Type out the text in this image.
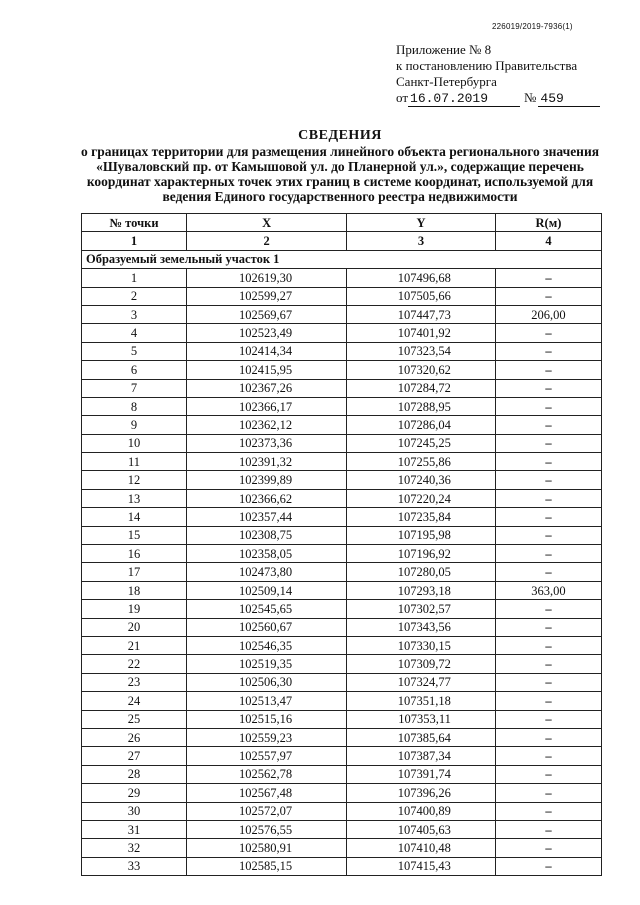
226019/2019-7936(1)
Приложение № 8
к постановлению Правительства
Санкт-Петербурга
от 16.07.2019	№ 459
СВЕДЕНИЯ
о границах территории для размещения линейного объекта регионального значения
«Шуваловский пр. от Камышовой ул. до Планерной ул.», содержащие перечень
координат характерных точек этих границ в системе координат, используемой для
ведения Единого государственного реестра недвижимости
№ точки	X	Y	R(м)
1	2	3	4
Образуемый земельный участок 1			
1	102619,30	107496,68	–
2	102599,27	107505,66	–
3	102569,67	107447,73	206,00
4	102523,49	107401,92	–
5	102414,34	107323,54	–
6	102415,95	107320,62	–
7	102367,26	107284,72	–
8	102366,17	107288,95	–
9	102362,12	107286,04	–
10	102373,36	107245,25	–
11	102391,32	107255,86	–
12	102399,89	107240,36	–
13	102366,62	107220,24	–
14	102357,44	107235,84	–
15	102308,75	107195,98	–
16	102358,05	107196,92	–
17	102473,80	107280,05	–
18	102509,14	107293,18	363,00
19	102545,65	107302,57	–
20	102560,67	107343,56	–
21	102546,35	107330,15	–
22	102519,35	107309,72	–
23	102506,30	107324,77	–
24	102513,47	107351,18	–
25	102515,16	107353,11	–
26	102559,23	107385,64	–
27	102557,97	107387,34	–
28	102562,78	107391,74	–
29	102567,48	107396,26	–
30	102572,07	107400,89	–
31	102576,55	107405,63	–
32	102580,91	107410,48	–
33	102585,15	107415,43	–
